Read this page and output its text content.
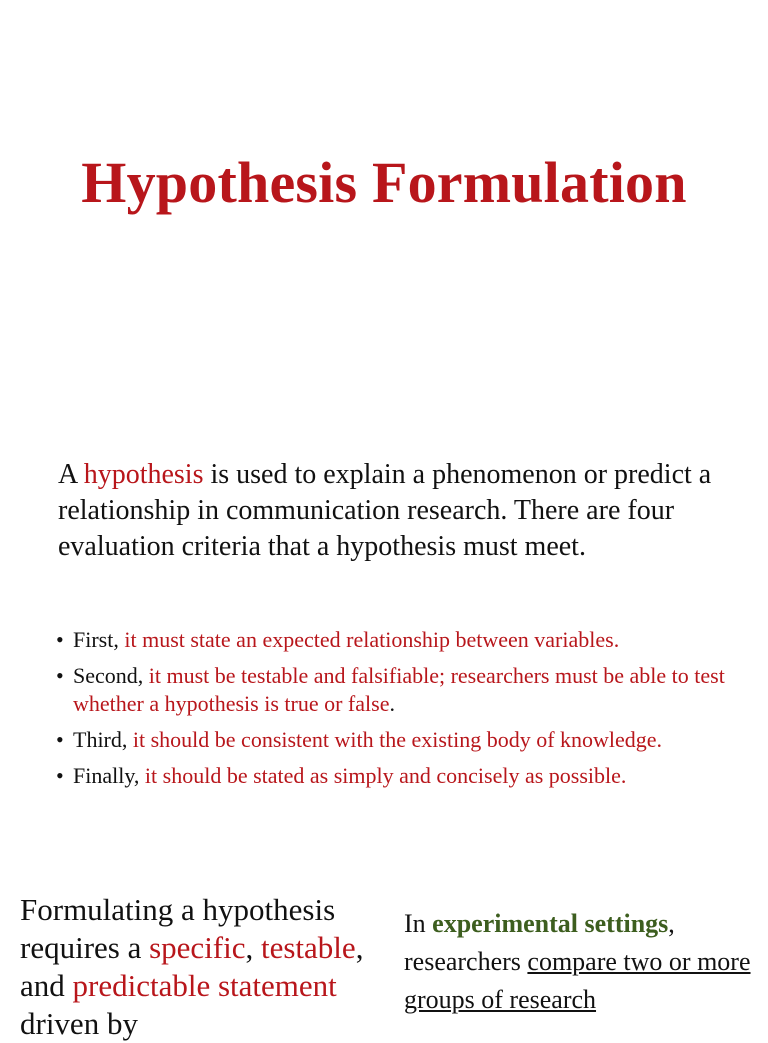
Hypothesis Formulation

A hypothesis is used to explain a phenomenon or predict a relationship in communication research. There are four evaluation criteria that a hypothesis must meet.

• First, it must state an expected relationship between variables.
• Second, it must be testable and falsifiable; researchers must be able to test whether a hypothesis is true or false.
• Third, it should be consistent with the existing body of knowledge.
• Finally, it should be stated as simply and concisely as possible.

Formulating a hypothesis requires a specific, testable, and predictable statement driven by

In experimental settings, researchers compare two or more groups of research
